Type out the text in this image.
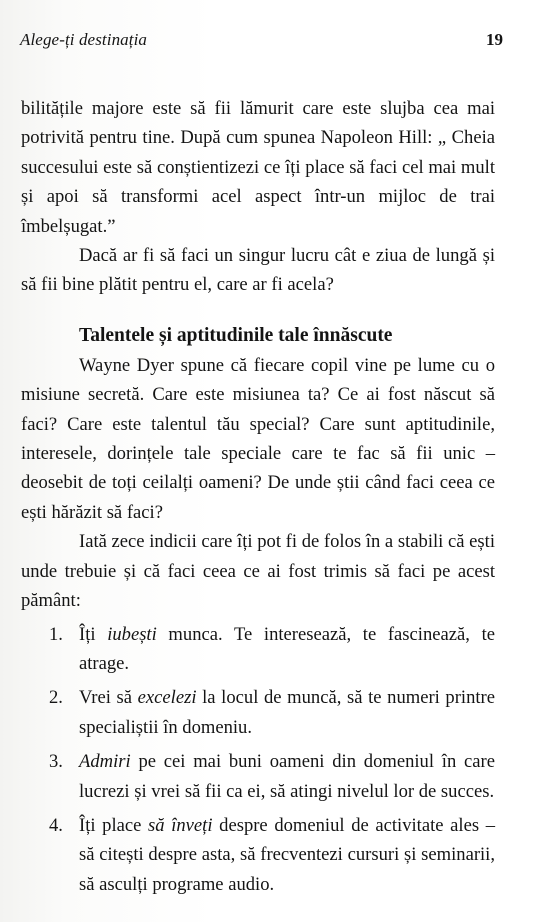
Alege-ți destinația	19

bilitățile majore este să fii lămurit care este slujba cea mai potrivită pentru tine. După cum spunea Napoleon Hill: „ Cheia succesului este să conștientizezi ce îți place să faci cel mai mult și apoi să transformi acel aspect într-un mijloc de trai îmbelșugat.”

Dacă ar fi să faci un singur lucru cât e ziua de lungă și să fii bine plătit pentru el, care ar fi acela?

Talentele și aptitudinile tale înnăscute

Wayne Dyer spune că fiecare copil vine pe lume cu o misiune secretă. Care este misiunea ta? Ce ai fost născut să faci? Care este talentul tău special? Care sunt aptitudinile, interesele, dorințele tale speciale care te fac să fii unic – deosebit de toți ceilalți oameni? De unde știi când faci ceea ce ești hărăzit să faci?

Iată zece indicii care îți pot fi de folos în a stabili că ești unde trebuie și că faci ceea ce ai fost trimis să faci pe acest pământ:

1. Îți iubești munca. Te interesează, te fascinează, te atrage.
2. Vrei să excelezi la locul de muncă, să te numeri printre specialiștii în domeniu.
3. Admiri pe cei mai buni oameni din domeniul în care lucrezi și vrei să fii ca ei, să atingi nivelul lor de succes.
4. Îți place să înveți despre domeniul de activitate ales – să citești despre asta, să frecventezi cursuri și seminarii, să asculți programe audio.
